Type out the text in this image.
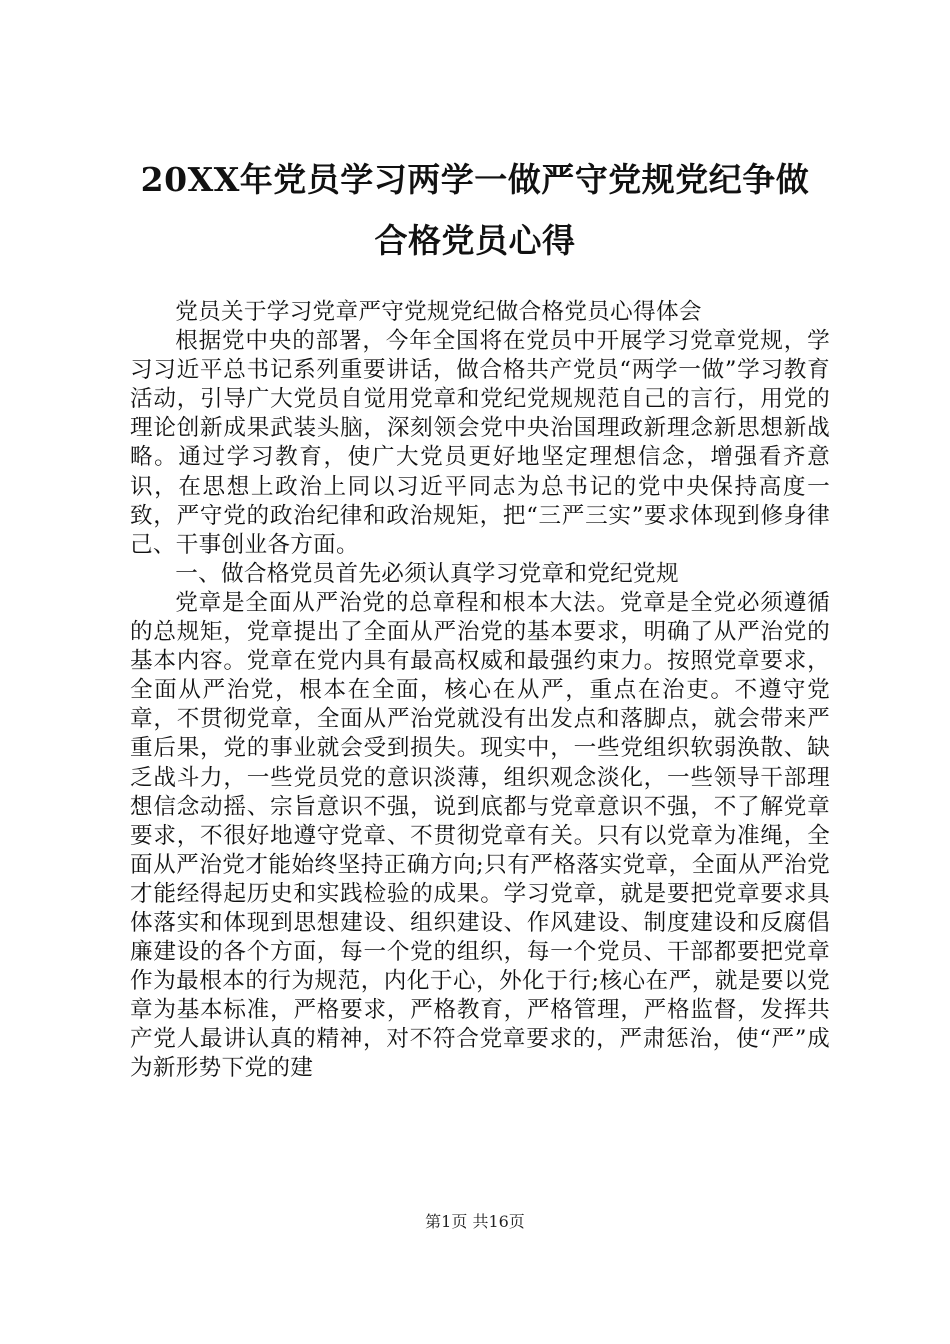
20XX年党员学习两学一做严守党规党纪争做
合格党员心得

党员关于学习党章严守党规党纪做合格党员心得体会

根据党中央的部署，今年全国将在党员中开展学习党章党规，学习习近平总书记系列重要讲话，做合格共产党员“两学一做”学习教育活动，引导广大党员自觉用党章和党纪党规规范自己的言行，用党的理论创新成果武装头脑，深刻领会党中央治国理政新理念新思想新战略。通过学习教育，使广大党员更好地坚定理想信念，增强看齐意识，在思想上政治上同以习近平同志为总书记的党中央保持高度一致，严守党的政治纪律和政治规矩，把“三严三实”要求体现到修身律己、干事创业各方面。

一、做合格党员首先必须认真学习党章和党纪党规

党章是全面从严治党的总章程和根本大法。党章是全党必须遵循的总规矩，党章提出了全面从严治党的基本要求，明确了从严治党的基本内容。党章在党内具有最高权威和最强约束力。按照党章要求，全面从严治党，根本在全面，核心在从严，重点在治吏。不遵守党章，不贯彻党章，全面从严治党就没有出发点和落脚点，就会带来严重后果，党的事业就会受到损失。现实中，一些党组织软弱涣散、缺乏战斗力，一些党员党的意识淡薄，组织观念淡化，一些领导干部理想信念动摇、宗旨意识不强，说到底都与党章意识不强，不了解党章要求，不很好地遵守党章、不贯彻党章有关。只有以党章为准绳，全面从严治党才能始终坚持正确方向;只有严格落实党章，全面从严治党才能经得起历史和实践检验的成果。学习党章，就是要把党章要求具体落实和体现到思想建设、组织建设、作风建设、制度建设和反腐倡廉建设的各个方面，每一个党的组织，每一个党员、干部都要把党章作为最根本的行为规范，内化于心，外化于行;核心在严，就是要以党章为基本标准，严格要求，严格教育，严格管理，严格监督，发挥共产党人最讲认真的精神，对不符合党章要求的，严肃惩治，使“严”成为新形势下党的建

第1页 共16页
